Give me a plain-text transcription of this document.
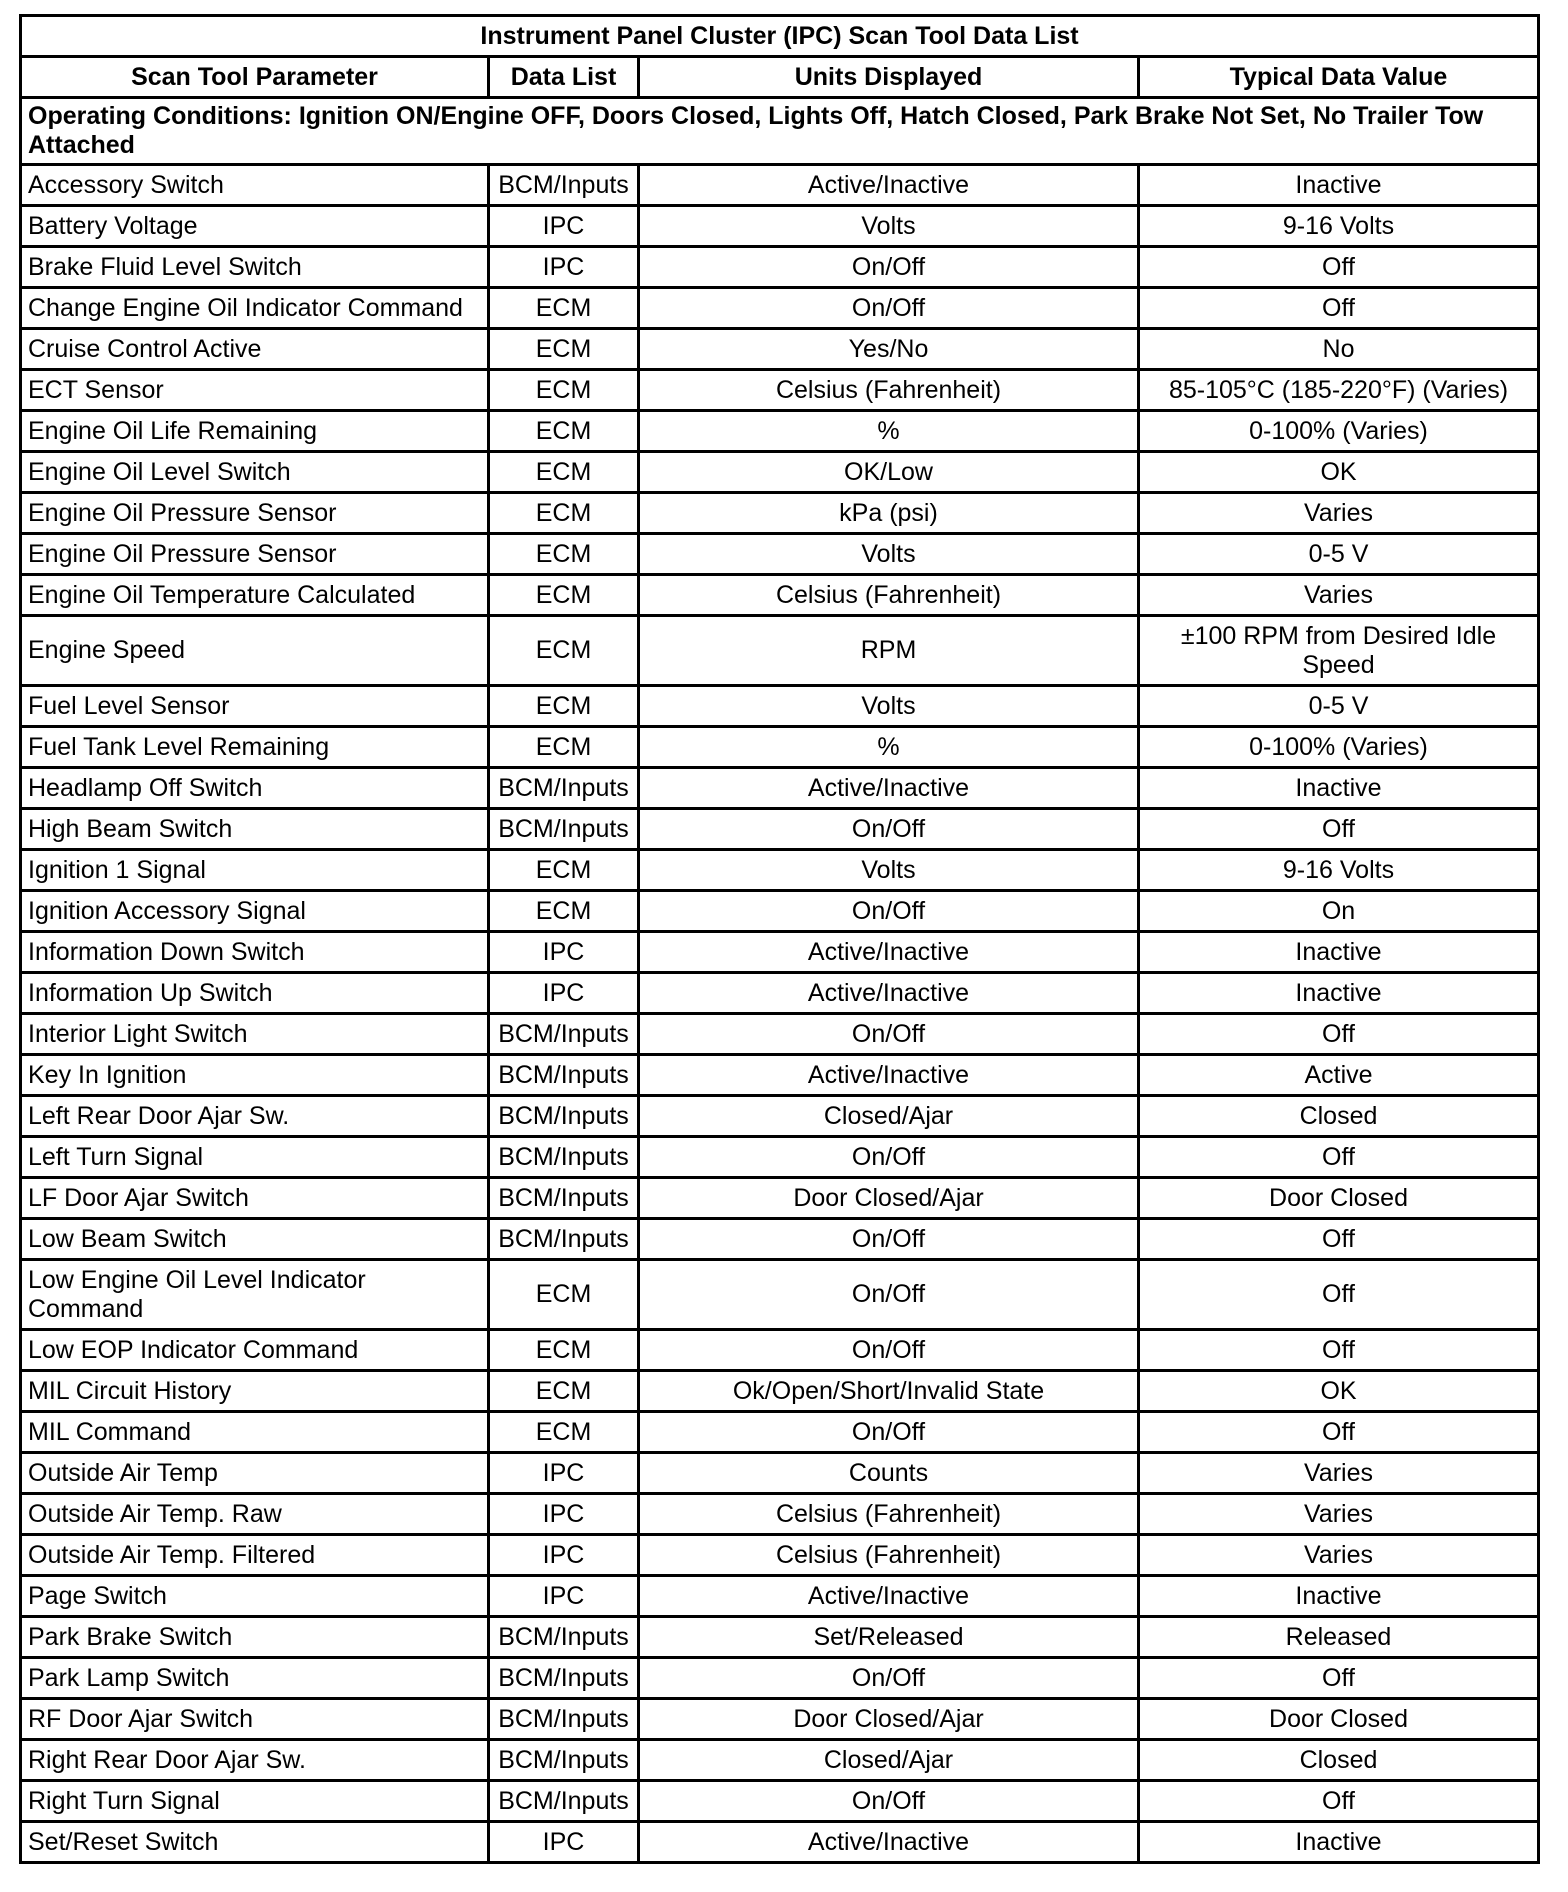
Instrument Panel Cluster (IPC) Scan Tool Data List			
Scan Tool Parameter	Data List	Units Displayed	Typical Data Value
Operating Conditions: Ignition ON/Engine OFF, Doors Closed, Lights Off, Hatch Closed, Park Brake Not Set, No Trailer Tow Attached			
Accessory Switch	BCM/Inputs	Active/Inactive	Inactive
Battery Voltage	IPC	Volts	9-16 Volts
Brake Fluid Level Switch	IPC	On/Off	Off
Change Engine Oil Indicator Command	ECM	On/Off	Off
Cruise Control Active	ECM	Yes/No	No
ECT Sensor	ECM	Celsius (Fahrenheit)	85-105°C (185-220°F) (Varies)
Engine Oil Life Remaining	ECM	%	0-100% (Varies)
Engine Oil Level Switch	ECM	OK/Low	OK
Engine Oil Pressure Sensor	ECM	kPa (psi)	Varies
Engine Oil Pressure Sensor	ECM	Volts	0-5 V
Engine Oil Temperature Calculated	ECM	Celsius (Fahrenheit)	Varies
Engine Speed	ECM	RPM	±100 RPM from Desired Idle Speed
Fuel Level Sensor	ECM	Volts	0-5 V
Fuel Tank Level Remaining	ECM	%	0-100% (Varies)
Headlamp Off Switch	BCM/Inputs	Active/Inactive	Inactive
High Beam Switch	BCM/Inputs	On/Off	Off
Ignition 1 Signal	ECM	Volts	9-16 Volts
Ignition Accessory Signal	ECM	On/Off	On
Information Down Switch	IPC	Active/Inactive	Inactive
Information Up Switch	IPC	Active/Inactive	Inactive
Interior Light Switch	BCM/Inputs	On/Off	Off
Key In Ignition	BCM/Inputs	Active/Inactive	Active
Left Rear Door Ajar Sw.	BCM/Inputs	Closed/Ajar	Closed
Left Turn Signal	BCM/Inputs	On/Off	Off
LF Door Ajar Switch	BCM/Inputs	Door Closed/Ajar	Door Closed
Low Beam Switch	BCM/Inputs	On/Off	Off
Low Engine Oil Level Indicator Command	ECM	On/Off	Off
Low EOP Indicator Command	ECM	On/Off	Off
MIL Circuit History	ECM	Ok/Open/Short/Invalid State	OK
MIL Command	ECM	On/Off	Off
Outside Air Temp	IPC	Counts	Varies
Outside Air Temp. Raw	IPC	Celsius (Fahrenheit)	Varies
Outside Air Temp. Filtered	IPC	Celsius (Fahrenheit)	Varies
Page Switch	IPC	Active/Inactive	Inactive
Park Brake Switch	BCM/Inputs	Set/Released	Released
Park Lamp Switch	BCM/Inputs	On/Off	Off
RF Door Ajar Switch	BCM/Inputs	Door Closed/Ajar	Door Closed
Right Rear Door Ajar Sw.	BCM/Inputs	Closed/Ajar	Closed
Right Turn Signal	BCM/Inputs	On/Off	Off
Set/Reset Switch	IPC	Active/Inactive	Inactive
